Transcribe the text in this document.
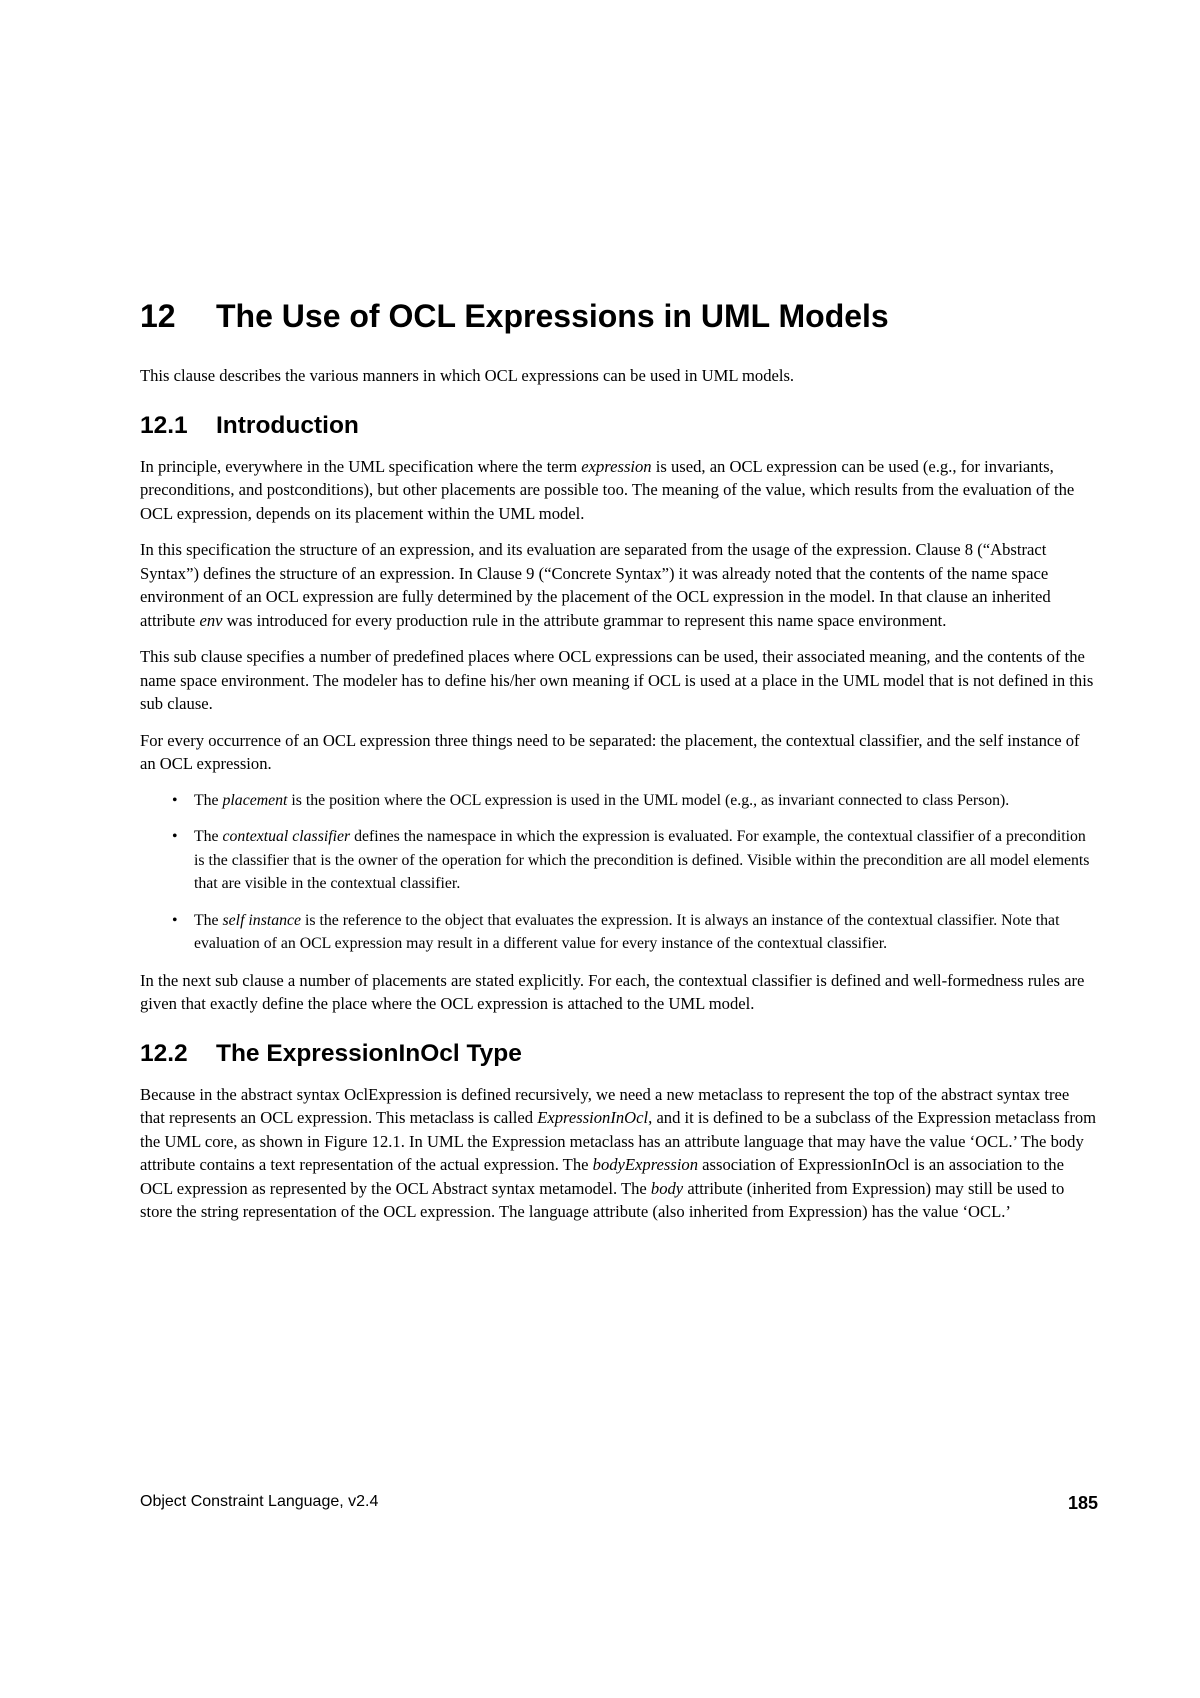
12 The Use of OCL Expressions in UML Models

This clause describes the various manners in which OCL expressions can be used in UML models.

12.1 Introduction

In principle, everywhere in the UML specification where the term expression is used, an OCL expression can be used (e.g., for invariants, preconditions, and postconditions), but other placements are possible too. The meaning of the value, which results from the evaluation of the OCL expression, depends on its placement within the UML model.

In this specification the structure of an expression, and its evaluation are separated from the usage of the expression. Clause 8 (“Abstract Syntax”) defines the structure of an expression. In Clause 9 (“Concrete Syntax”) it was already noted that the contents of the name space environment of an OCL expression are fully determined by the placement of the OCL expression in the model. In that clause an inherited attribute env was introduced for every production rule in the attribute grammar to represent this name space environment.

This sub clause specifies a number of predefined places where OCL expressions can be used, their associated meaning, and the contents of the name space environment. The modeler has to define his/her own meaning if OCL is used at a place in the UML model that is not defined in this sub clause.

For every occurrence of an OCL expression three things need to be separated: the placement, the contextual classifier, and the self instance of an OCL expression.

• The placement is the position where the OCL expression is used in the UML model (e.g., as invariant connected to class Person).
• The contextual classifier defines the namespace in which the expression is evaluated. For example, the contextual classifier of a precondition is the classifier that is the owner of the operation for which the precondition is defined. Visible within the precondition are all model elements that are visible in the contextual classifier.
• The self instance is the reference to the object that evaluates the expression. It is always an instance of the contextual classifier. Note that evaluation of an OCL expression may result in a different value for every instance of the contextual classifier.

In the next sub clause a number of placements are stated explicitly. For each, the contextual classifier is defined and well-formedness rules are given that exactly define the place where the OCL expression is attached to the UML model.

12.2 The ExpressionInOcl Type

Because in the abstract syntax OclExpression is defined recursively, we need a new metaclass to represent the top of the abstract syntax tree that represents an OCL expression. This metaclass is called ExpressionInOcl, and it is defined to be a subclass of the Expression metaclass from the UML core, as shown in Figure 12.1. In UML the Expression metaclass has an attribute language that may have the value ‘OCL.’ The body attribute contains a text representation of the actual expression. The bodyExpression association of ExpressionInOcl is an association to the OCL expression as represented by the OCL Abstract syntax metamodel. The body attribute (inherited from Expression) may still be used to store the string representation of the OCL expression. The language attribute (also inherited from Expression) has the value ‘OCL.’

Object Constraint Language, v2.4	185
